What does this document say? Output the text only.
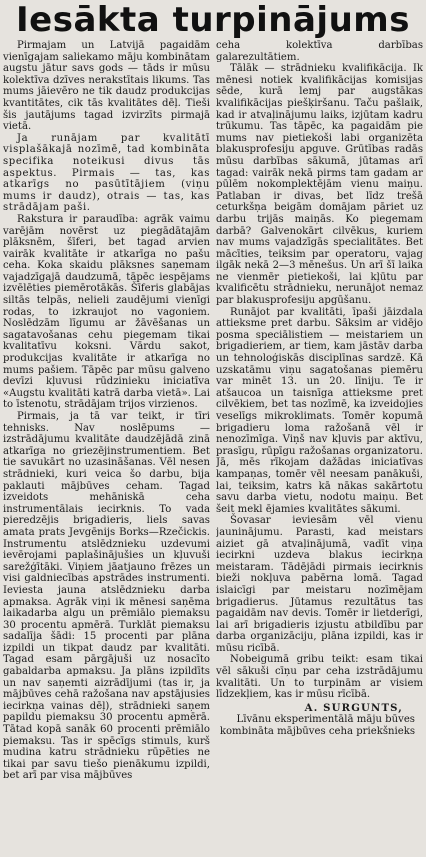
Iesākta turpinājums

Pirmajam un Latvijā pagaidām vienīgajam saliekamo māju kombinātam augstu jātur savs gods — tāds ir mūsu kolektīva dzīves nerakstītais likums. Tas mums jāievēro ne tik daudz produkcijas kvantitātes, cik tās kvalitātes dēļ. Tieši šis jautājums tagad izvirzīts pirmajā vietā.

Ja runājam par kvalitātī visplašākajā nozīmē, tad kombināta specifika noteikusi divus tās aspektus. Pirmais — tas, kas atkarīgs no pasūtītājiem (viņu mums ir daudz), otrais — tas, kas strādājam paši.

Rakstura ir paraudība: agrāk vaimu varējām novērst uz piegādātajām plāksnēm, šīferi, bet tagad arvien vairāk kvalitāte ir atkarīga no pašu ceha. Koka skaidu plāksnes saņemam vajadzīgajā daudzumā, tāpēc iespējams izvēlēties piemērotākās. Šīferis glabājas siltās telpās, nelieli zaudējumi vienīgi rodas, to izkraujot no vagoniem. Noslēdzām līgumu ar žāvēšanas un sagatavošanas cehu piegemam tikai kvalitatīvu koksni. Vārdu sakot, produkcijas kvalitāte ir atkarīga no mums pašiem. Tāpēc par mūsu galveno devīzi kļuvusi rūdzinieku iniciatīva «Augstu kvalitāti katrā darba vietā». Lai to īstenotu, strādājam trijos virzienos.

Pirmais, ja tā var teikt, ir tīri tehnisks. Nav noslēpums — izstrādājumu kvalitāte daudzējādā zinā atkarīga no griezējinstrumentiem. Bet tie savukārt no uzasināšanas. Vēl nesen strādnieki, kuri veica šo darbu, bija paklauti mājbūves ceham. Tagad izveidots mehāniskā ceha instrumentālais iecirknis. To vada pieredzējis brigadieris, liels savas amata prats Jevgēnijs Borks—Rzečickis. Instrumentu atslēdznieku uzdevumi ievērojami paplašinājušies un kļuvuši sarežģītāki. Viņiem jāatjauno frēzes un visi galdniecības apstrādes instrumenti. Ieviesta jauna atslēdznieku darba apmaksa. Agrāk viņi ik mēnesi saņēma laikadarba algu un prēmiālo piemaksu 30 procentu apmērā. Turklāt piemaksu sadalīja šādi: 15 procenti par plāna izpildi un tikpat daudz par kvalitāti. Tagad esam pārgājuši uz nosacīto gabaldarba apmaksu. Ja plāns izpildīts un nav saņemti aizrādījumi (tas ir, ja mājbūves cehā ražošana nav apstājusies iecirkņa vainas dēļ), strādnieki saņem papildu piemaksu 30 procentu apmērā. Tātad kopā sanāk 60 procenti prēmiālo piemaksu. Tas ir spēcīgs stimuls, kurš mudina katru strādnieku rūpēties ne tikai par savu tiešo pienākumu izpildi, bet arī par visa mājbūves

ceha kolektīva darbības galarezultātiem.

Tālāk — strādnieku kvalifikācija. Ik mēnesi notiek kvalifikācijas komisijas sēde, kurā lemj par augstākas kvalifikācijas piešķiršanu. Taču pašlaik, kad ir atvaļinājumu laiks, izjūtam kadru trūkumu. Tas tāpēc, ka pagaidām pie mums nav pietiekoši labi organizēta blakusprofesiju apguve. Grūtības radās mūsu darbības sākumā, jūtamas arī tagad: vairāk nekā pirms tam gadam ar pūlēm nokomplektējām vienu maiņu. Patlaban ir divas, bet līdz trešā ceturkšņa beigām domājam pāriet uz darbu trijās maiņās. Ko piegemam darbā? Galvenokārt cilvēkus, kuriem nav mums vajadzīgās specialitātes. Bet mācīties, teiksim par operatoru, vajag ilgāk nekā 2—3 mēnešus. Un arī šī laika ne vienmēr pietiekoši, lai kļūtu par kvalificētu strādnieku, nerunājot nemaz par blakusprofesiju apgūšanu.

Runājot par kvalitāti, īpaši jāizdala attieksme pret darbu. Sāksim ar vidējo posma speciālistiem — meistariem un brigadieriem, ar tiem, kam jāstāv darba un tehnoloģiskās disciplīnas sardzē. Kā uzskatāmu viņu sagatošanas piemēru var minēt 13. un 20. līniju. Te ir atšaucoa un taisnīga attieksme pret cilvēkiem, bet tas nozīmē, ka izveidojies veselīgs mikroklimats. Tomēr kopumā brigadieru loma ražošanā vēl ir nenozīmīga. Viņš nav kļuvis par aktīvu, prasīgu, rūpīgu ražošanas organizatoru. Jā, mēs rīkojam dažādas iniciatīvas kampaņas, tomēr vēl neesam panākuši, lai, teiksim, katrs kā nākas sakārtotu savu darba vietu, nodotu maiņu. Bet šeit mekl ējamies kvalitātes sākumi.

Šovasar ieviesām vēl vienu jauninājumu. Parasti, kad meistars aiziet gā atvaļinājumā, vadīt viņa iecirkni uzdeva blakus iecirkņa meistaram. Tādējādi pirmais iecirknis bieži nokļuva pabērna lomā. Tagad islaicīgi par meistaru nozīmējam brigadierus. Jūtamus rezultātus tas pagaidām nav devis. Tomēr ir lietderīgi, lai arī brigadieris izjustu atbildību par darba organizāciju, plāna izpildi, kas ir mūsu ricībā.

Nobeigumā gribu teikt: esam tikai vēl sākuši cīņu par ceha izstrādājumu kvalitāti. Un to turpinām ar visiem līdzekļiem, kas ir mūsu rīcībā.

A. SURGUNTS,
Līvānu eksperimentālā māju būves kombināta mājbūves ceha priekšnieks
